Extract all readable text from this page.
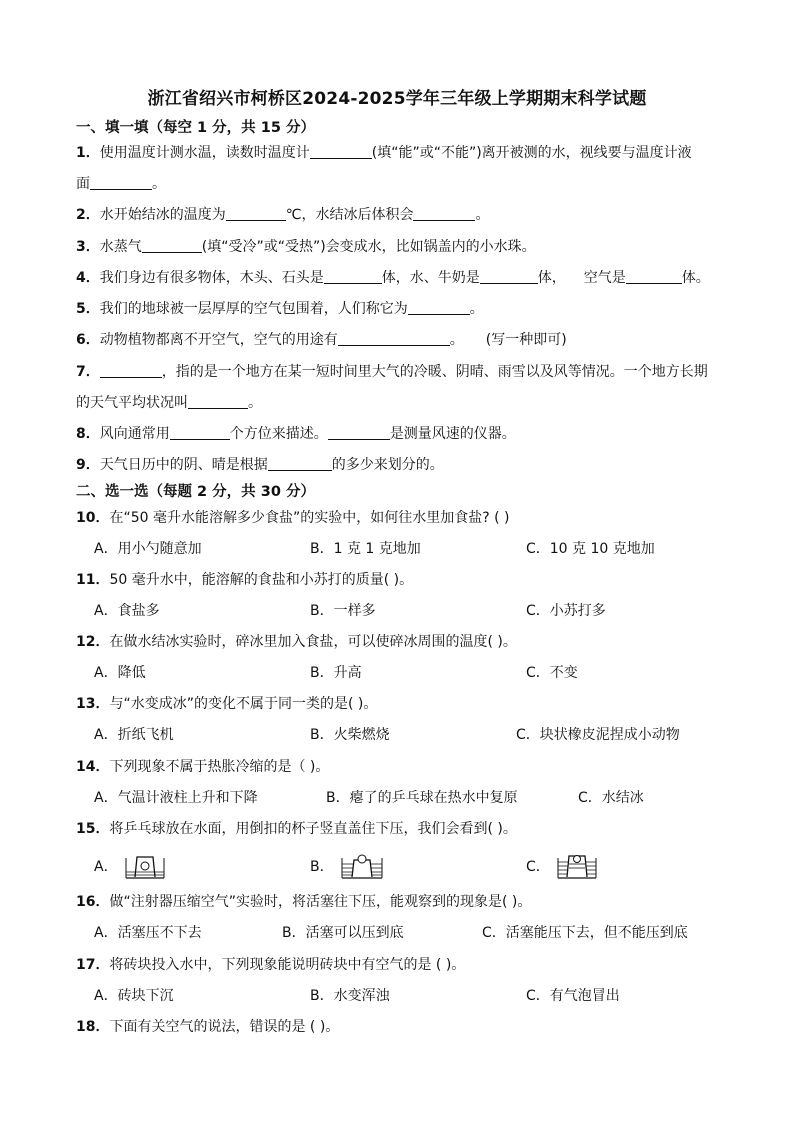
浙江省绍兴市柯桥区2024-2025学年三年级上学期期末科学试题
一、填一填（每空 1 分，共 15 分）
1．使用温度计测水温，读数时温度计	(填“能”或“不能”)离开被测的水，视线要与温度计液
面	。
2．水开始结冰的温度为	℃，水结冰后体积会	。
3．水蒸气	(填“受冷”或“受热”)会变成水，比如锅盖内的小水珠。
4．我们身边有很多物体，木头、石头是	体，水、牛奶是	体， 空气是	体。
5．我们的地球被一层厚厚的空气包围着，人们称它为	。
6．动物植物都离不开空气，空气的用途有	。 (写一种即可)
7．	，指的是一个地方在某一短时间里大气的冷暖、阴晴、雨雪以及风等情况。一个地方长期
的天气平均状况叫	。
8．风向通常用	个方位来描述。	是测量风速的仪器。
9．天气日历中的阴、晴是根据	的多少来划分的。
二、选一选（每题 2 分，共 30 分）
10．在“50 毫升水能溶解多少食盐”的实验中，如何往水里加食盐? ( )
A．用小勺随意加	B．1 克 1 克地加	C．10 克 10 克地加
11．50 毫升水中，能溶解的食盐和小苏打的质量( )。
A．食盐多	B．一样多	C．小苏打多
12．在做水结冰实验时，碎冰里加入食盐，可以使碎冰周围的温度( )。
A．降低	B．升高	C．不变
13．与“水变成冰”的变化不属于同一类的是( )。
A．折纸飞机	B．火柴燃烧	C．块状橡皮泥捏成小动物
14．下列现象不属于热胀冷缩的是（ )。
A．气温计液柱上升和下降	B．瘪了的乒乓球在热水中复原	C．水结冰
15．将乒乓球放在水面，用倒扣的杯子竖直盖住下压，我们会看到( )。
A．	B．	C．
16．做“注射器压缩空气”实验时，将活塞往下压，能观察到的现象是( )。
A．活塞压不下去	B．活塞可以压到底	C．活塞能压下去，但不能压到底
17．将砖块投入水中，下列现象能说明砖块中有空气的是 ( )。
A．砖块下沉	B．水变浑浊	C．有气泡冒出
18．下面有关空气的说法，错误的是 ( )。
